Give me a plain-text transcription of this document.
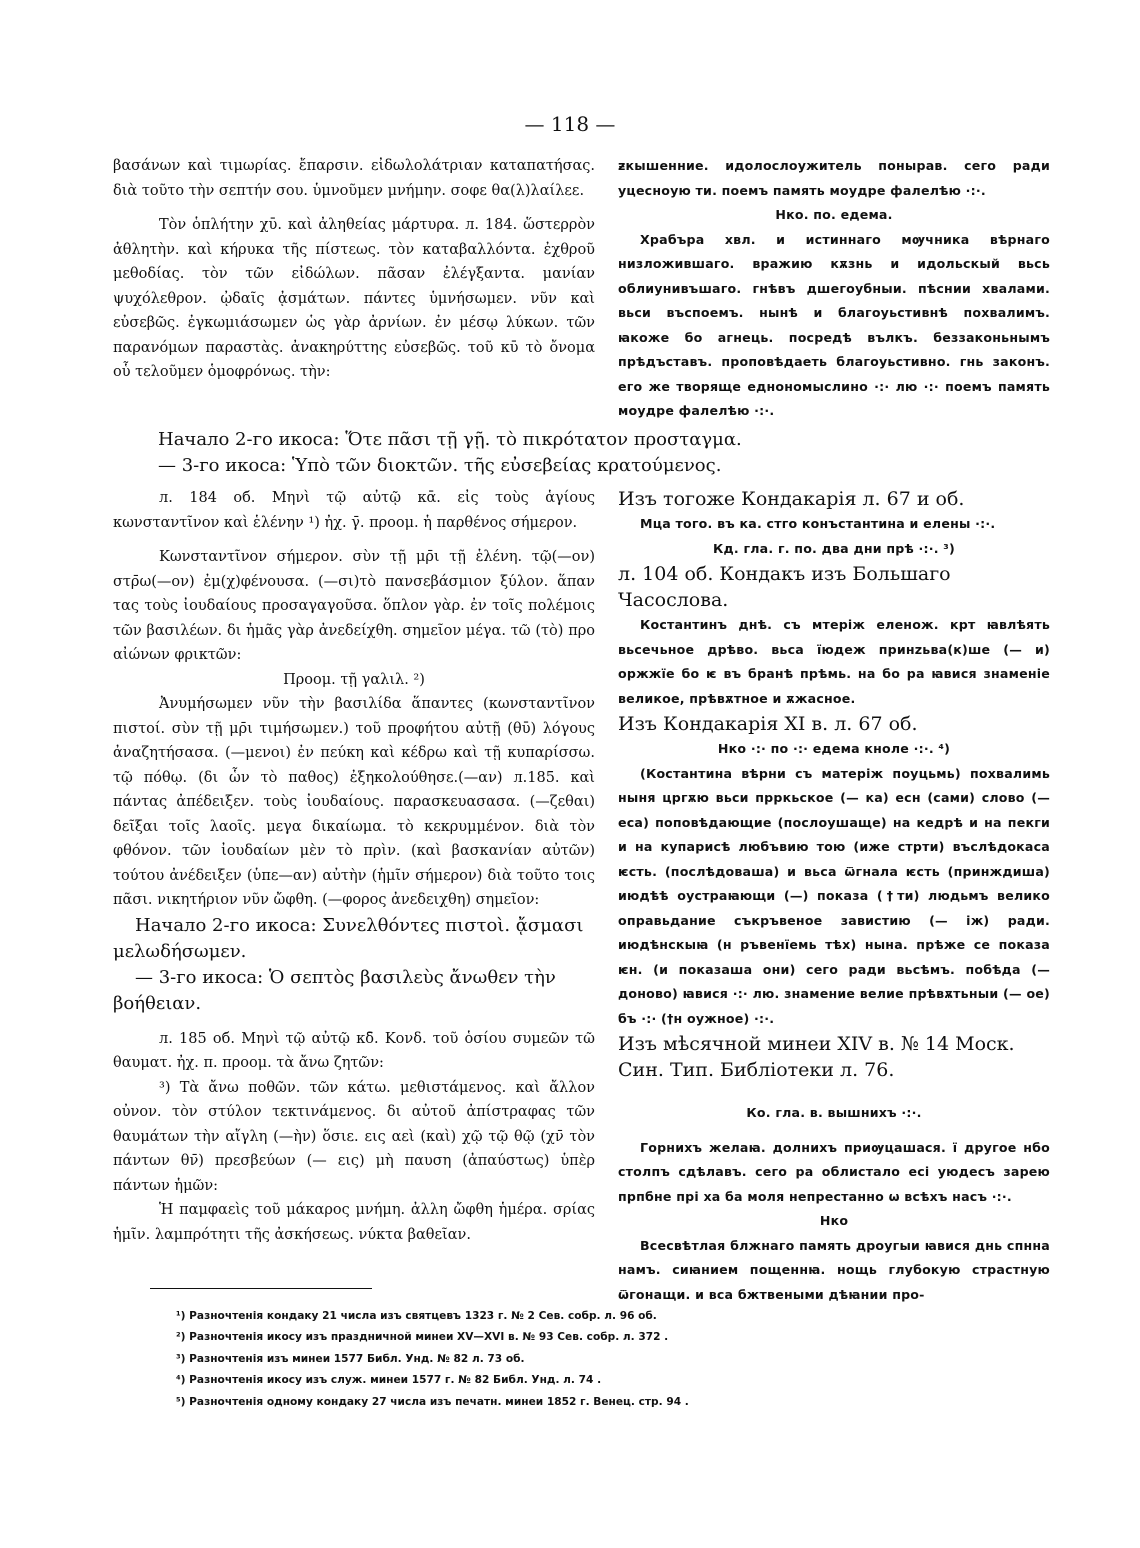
— 118 —

βασάνων καὶ τιμωρίας. ἔπαρσιν. εἰδωλολάτριαν καταπατήσας. διὰ τοῦτο τὴν σεπτήν σου. ὑμνοῦμεν μνήμην. σοφε θα(λ)λαίλεε.

Τὸν ὁπλήτην χῡ. καὶ ἀληθείας μάρτυρα. л. 184. ὥστερρὸν ἀθλητὴν. καὶ κήρυκα τῆς πίστεως. τὸν καταβαλλόντα. ἐχθροῦ μεθοδίας. τὸν τῶν εἰδώλων. πᾶσαν ἐλέγξαντα. μανίαν ψυχόλεθρον. ᾠδαῖς ᾀσμάτων. πάντες ὑμνήσωμεν. νῦν καὶ εὐσεβῶς. ἐγκωμιάσωμεν ὡς γὰρ ἀρνίων. ἐν μέσῳ λύκων. τῶν παρανόμων παραστὰς. ἀνακηρύττης εὐσεβῶς. τοῦ κῡ τὸ ὄνομα οὗ τελοῦμεν ὁμοφρόνως. τὴν:

ƶкышенние. идолослоужитель понырав. сего ради уцесноую ти. поемъ память моудре фалелѣю ·:·.

Нко. по. едема.

Храбъра хвл. и истиннаго мѹчника вѣрнаго низложившаго. вражию кѫзнь и идольскый вьсь облиунивъшаго. гнѣвъ дшегоубныи. пѣснии хвалами. вьси въспоемъ. нынѣ и благоуьстивнѣ похвалимъ. ꙗкоже бо агнець. посредѣ вълкъ. беззаконьнымъ прѣдъставъ. проповѣдаеть благоуьстивно. гнь законъ. его же творяще еднономыслино ·:· лю ·:· поемъ память моудре фалелѣю ·:·.

Начало 2-го икоса: Ὅτε πᾶσι τῇ γῇ. τὸ πικρότατον προσταγμα.

— 3-го икоса: Ὑπὸ τῶν διοκτῶν. τῆς εὐσεβείας κρατούμενος.

л. 184 об. Μηνὶ τῷ αὐτῷ κᾱ. εἰς τοὺς ἁγίους κωνσταντῖνον καὶ ἑλένην ¹) ἠχ. γ̄. προομ. ἡ παρθένος σήμερον.

Κωνσταντῖνον σήμερον. σὺν τῇ μρ̄ι τῇ ἑλένη. τῷ(—ον) στρ̄ω(—ον) ἐμ(χ)φένουσα. (—σι)τὸ πανσεβάσμιον ξύλον. ἅπαν τας τοὺς ἰουδαίους προσαγαγοῦσα. ὅπλον γὰρ. ἐν τοῖς πολέμοις τῶν βασιλέων. δι ἡμᾶς γὰρ ἀνεδείχθη. σημεῖον μέγα. τῶ (τὸ) προ αἰώνων φρικτῶν:

Προομ. τῇ γαλιλ. ²)

Ἀνυμήσωμεν νῦν τὴν βασιλίδα ἅπαντες (κωνσταντῖνον πιστοί. σὺν τῇ μρ̄ι τιμήσωμεν.) τοῦ προφήτου αὐτῇ (θῡ) λόγους ἀναζητήσασα. (—μενοι) ἐν πεύκη καὶ κέδρω καὶ τῇ κυπαρίσσω. τῷ πόθῳ. (δι ὧν τὸ παθος) ἐξηκολούθησε.(—αν) л.185. καὶ πάντας ἀπέδειξεν. τοὺς ἰουδαίους. παρασκευασασα. (—ζεθαι) δεῖξαι τοῖς λαοῖς. μεγα δικαίωμα. τὸ κεκρυμμένον. διὰ τὸν φθόνον. τῶν ἰουδαίων μὲν τὸ πρὶν. (καὶ βασκανίαν αὐτῶν) τούτου ἀνέδειξεν (ὑπε—αν) αὐτὴν (ἡμῖν σήμερον) διὰ τοῦτο τοις πᾶσι. νικητήριον νῦν ὤφθη. (—φορος ἀνεδειχθη) σημεῖον:

Начало 2-го икоса: Συνελθόντες πιστοὶ. ᾄσμασι μελωδήσωμεν.

— 3-го икоса: Ὁ σεπτὸς βασιλεὺς ἄνωθεν τὴν βοήθειαν.

л. 185 об. Μηνὶ τῷ αὐτῷ κδ̄. Κονδ. τοῦ ὁσίου συμεῶν τῶ θαυματ. ἠχ. π. προομ. τὰ ἄνω ζητῶν:

³) Τὰ ἄνω ποθῶν. τῶν κάτω. μεθιστάμενος. καὶ ἄλλον οὐνον. τὸν στύλον τεκτινάμενος. δι αὐτοῦ ἀπίστραφας τῶν θαυμάτων τὴν αἴγλη (—ὴν) ὅσιε. εις αεὶ (καὶ) χῷ τῷ θῷ (χν̄ τὸν πάντων θν̄) πρεσβεύων (— εις) μὴ παυση (ἀπαύστως) ὑπὲρ πάντων ἡμῶν:

Ἡ παμφαεὶς τοῦ μάκαρος μνήμη. ἀλλη ὤφθη ἡμέρα. σρίας ἡμῖν. λαμπρότητι τῆς ἀσκήσεως. νύκτα βαθεῖαν.

Изъ тогоже Кондакарія л. 67 и об.

Мца того. въ ка. стго конъстантина и елены ·:·.

Кд. гла. г. по. два дни прѣ ·:·. ³)

л. 104 об. Кондакъ изъ Большаго Часослова.

Костантинъ днѣ. съ мтеріж еленож. крт ꙗвлѣять вьсечьное дрѣво. вьса їюдеж принzьва(к)ше (— и) оржжїе бо ѥ въ бранѣ прѣмь. на бо ра ꙗвися знаменіе великое, прѣвѫтное и ѫжасное.

Изъ Кондакарія XI в. л. 67 об.

Нко ·:· по ·:· едема кноле ·:·. ⁴)

(Костантина вѣрни съ матеріж поуцьмь) похвалимь ныня цргѫю вьси прркьское (— ка) есн (сами) слово (— еса) поповѣдающие (послоушаще) на кедрѣ и на пекги и на купарисѣ любъвию тою (иже стрти) въслѣдокаса ѥсть. (послѣдоваша) и вьса ѿгнала ѥсть (принждиша) июдѣѣ оустраꙗющи (—) показа (†ти) людьмъ велико оправьдание съкръвеное завистию (— іж) ради. июдѣнскыꙗ (н ръвенїемь тѣх) нына. прѣже се показа ѥн. (и показаша они) сего ради вьсѣмъ. побѣда (— доново) ꙗвися ·:· лю. знамение велие прѣвѫтьныи (— ое) бъ ·:· (†н оужное) ·:·.

Изъ мѣсячной минеи XIV в. № 14 Моск. Син. Тип. Библіотеки л. 76.

Ко. гла. в. вышнихъ ·:·.

Горнихъ желаꙗ. долнихъ приѹцашася. ї другое нбо столпъ сдѣлавъ. сего ра облистало есі уюдесъ зарею прпбне прі ха ба моля непрестанно ѡ всѣхъ насъ ·:·.

Нко

Всесвѣтлая блжнаго память дроугыи ꙗвися днь спнна намъ. сиꙗнием пощеннꙗ. нощь глубокую страстную ѿгонащи. и вса бжтвеными дѣꙗнии про-

¹) Разночтенія кондаку 21 числа изъ святцевъ 1323 г. № 2 Сев. собр. л. 96 об.

²) Разночтенія икосу изъ праздничной минеи XV—XVI в. № 93 Сев. собр. л. 372 .

³) Разночтенія изъ минеи 1577 Библ. Унд. № 82 л. 73 об.

⁴) Разночтенія икосу изъ служ. минеи 1577 г. № 82 Библ. Унд. л. 74 .

⁵) Разночтенія одному кондаку 27 числа изъ печатн. минеи 1852 г. Венец. стр. 94 .
